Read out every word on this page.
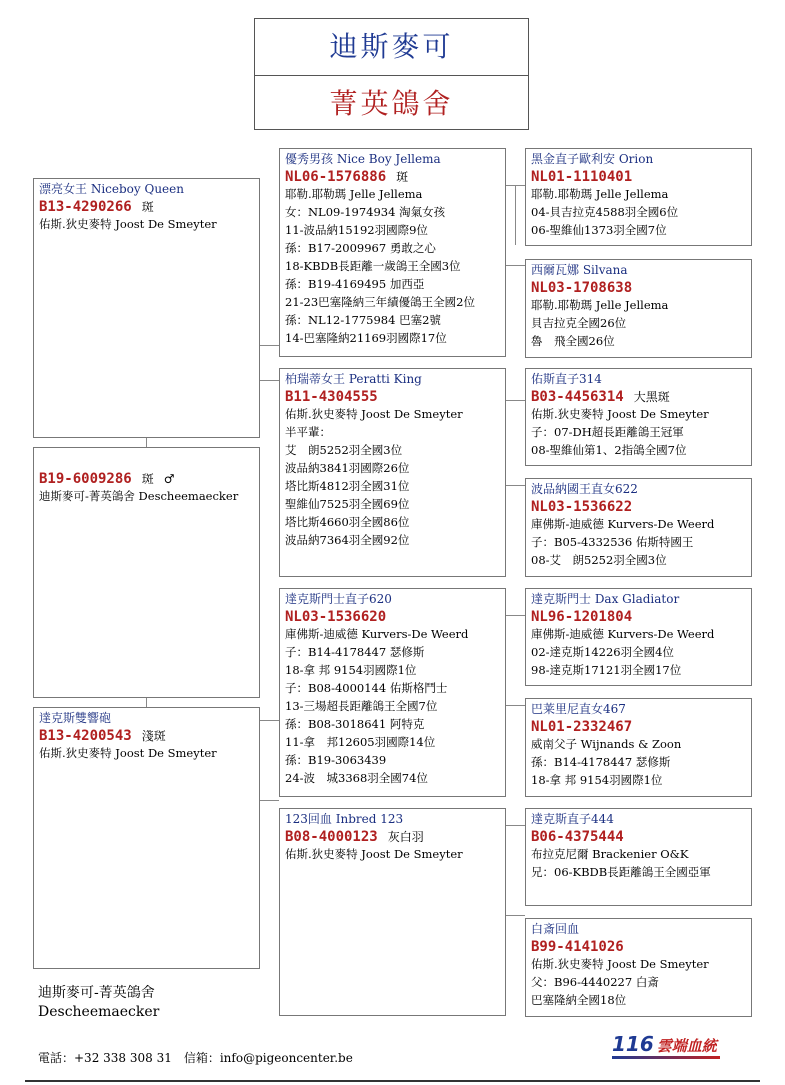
迪斯麥可
菁英鴿舍
漂亮女王 Niceboy Queen
B13-4290266 斑
佑斯.狄史麥特 Joost De Smeyter
B19-6009286 斑 ♂
迪斯麥可-菁英鴿舍 Descheemaecker
達克斯雙響砲
B13-4200543 淺斑
佑斯.狄史麥特 Joost De Smeyter
優秀男孩 Nice Boy Jellema
NL06-1576886 斑
耶勒.耶勒瑪 Jelle Jellema
女：NL09-1974934 淘氣女孩
11-波品納15192羽國際9位
孫：B17-2009967 勇敢之心
18-KBDB長距離一歲鴿王全國3位
孫：B19-4169495 加西亞
21-23巴塞隆納三年績優鴿王全國2位
孫：NL12-1775984 巴塞2號
14-巴塞隆納21169羽國際17位
柏瑞蒂女王 Peratti King
B11-4304555
佑斯.狄史麥特 Joost De Smeyter
半平輩：
艾　朗5252羽全國3位
波品納3841羽國際26位
塔比斯4812羽全國31位
聖維仙7525羽全國69位
塔比斯4660羽全國86位
波品納7364羽全國92位
達克斯門士直子620
NL03-1536620
庫佛斯-迪威德 Kurvers-De Weerd
子：B14-4178447 瑟修斯
18-拿 邦 9154羽國際1位
子：B08-4000144 佑斯格鬥士
13-三場超長距離鴿王全國7位
孫：B08-3018641 阿特克
11-拿　邦12605羽國際14位
孫：B19-3063439
24-波　城3368羽全國74位
123回血 Inbred 123
B08-4000123 灰白羽
佑斯.狄史麥特 Joost De Smeyter
黑金直子歐利安 Orion
NL01-1110401
耶勒.耶勒瑪 Jelle Jellema
04-貝吉拉克4588羽全國6位
06-聖維仙1373羽全國7位
西爾瓦娜 Silvana
NL03-1708638
耶勒.耶勒瑪 Jelle Jellema
貝吉拉克全國26位
魯　飛全國26位
佑斯直子314
B03-4456314 大黑斑
佑斯.狄史麥特 Joost De Smeyter
子：07-DH超長距離鴿王冠軍
08-聖維仙第1、2指鴿全國7位
波品納國王直女622
NL03-1536622
庫佛斯-迪威德 Kurvers-De Weerd
子：B05-4332536 佑斯特國王
08-艾　朗5252羽全國3位
達克斯門士 Dax Gladiator
NL96-1201804
庫佛斯-迪威德 Kurvers-De Weerd
02-達克斯14226羽全國4位
98-達克斯17121羽全國17位
巴莱里尼直女467
NL01-2332467
威南父子 Wijnands & Zoon
孫：B14-4178447 瑟修斯
18-拿 邦 9154羽國際1位
達克斯直子444
B06-4375444
布拉克尼爾 Brackenier O&K
兄：06-KBDB長距離鴿王全國亞軍
白斎回血
B99-4141026
佑斯.狄史麥特 Joost De Smeyter
父：B96-4440227 白斎
巴塞隆納全國18位
迪斯麥可-菁英鴿舍
Descheemaecker
電話：+32 338 308 31　信箱：info@pigeoncenter.be
116 雲端血統
